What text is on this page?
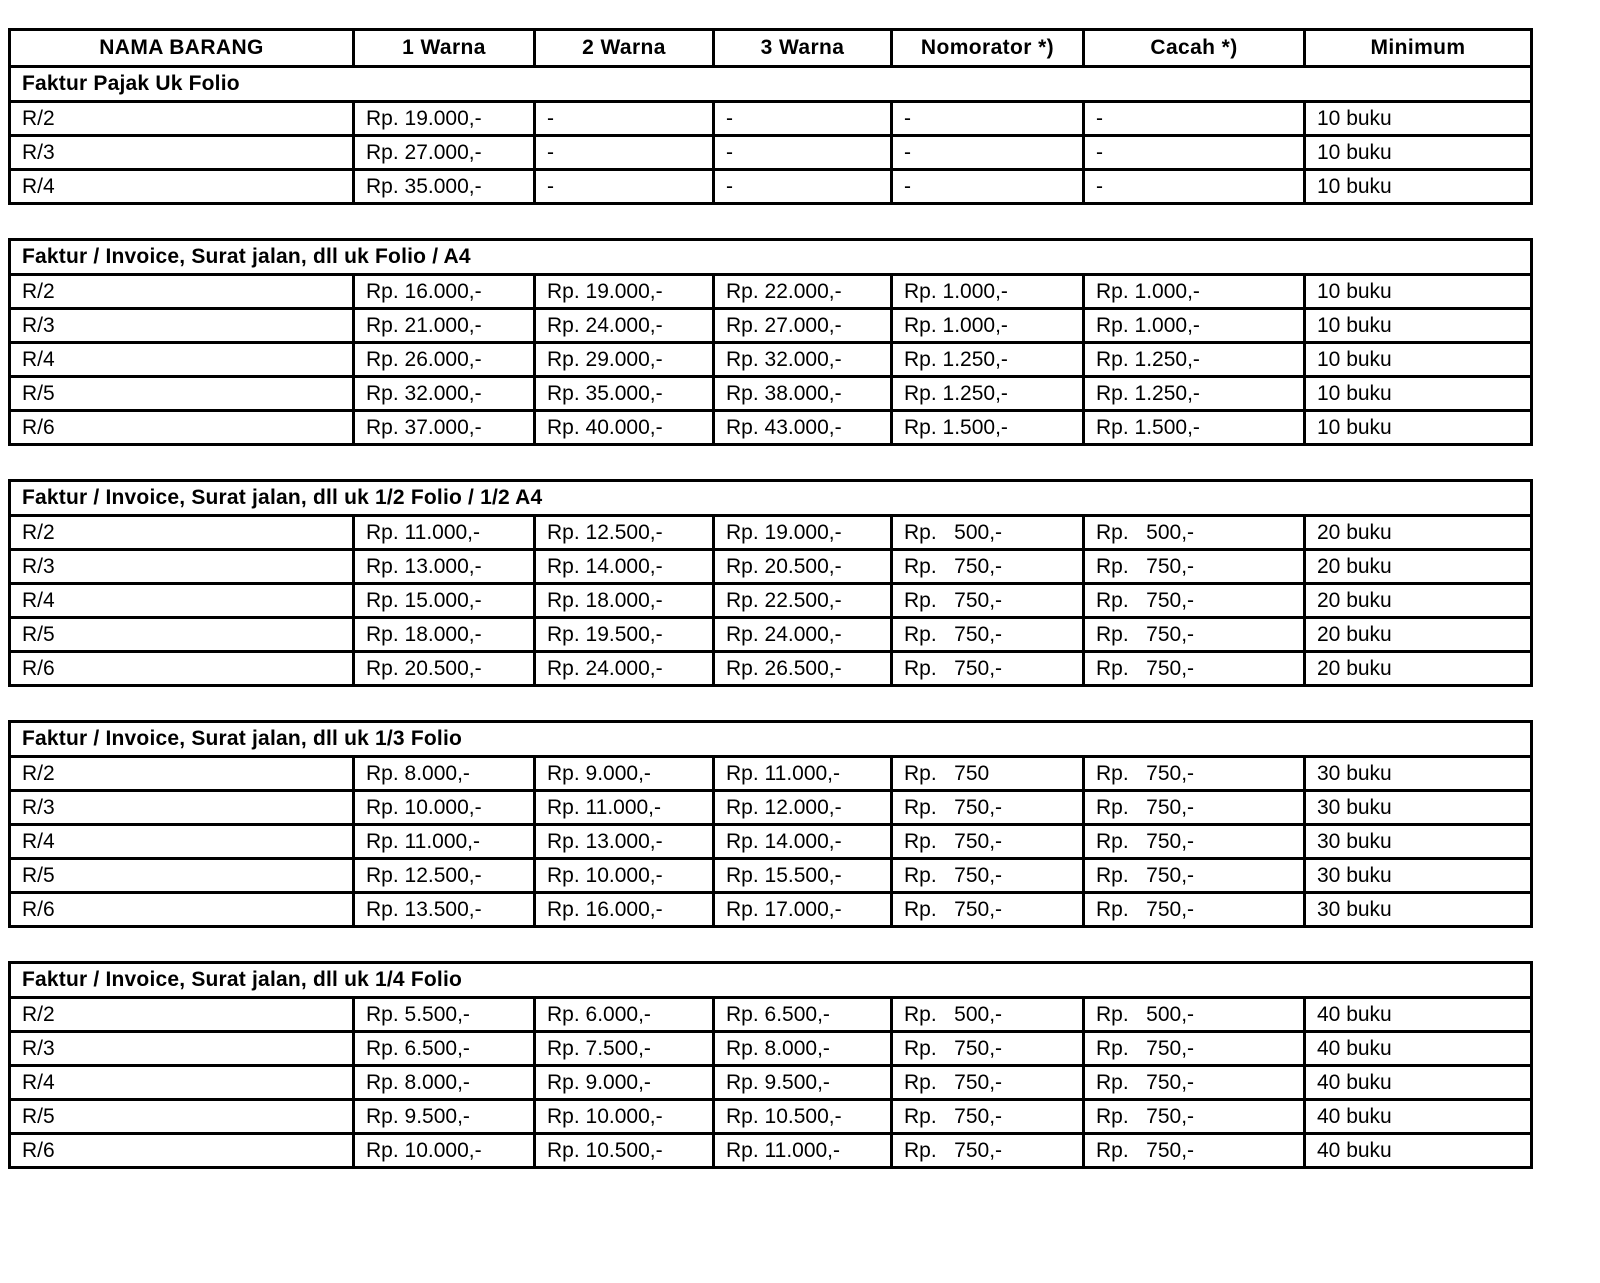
NAMA BARANG	1 Warna	2 Warna	3 Warna	Nomorator *)	Cacah *)	Minimum
Faktur Pajak Uk Folio						
R/2	Rp. 19.000,-	-	-	-	-	10 buku
R/3	Rp. 27.000,-	-	-	-	-	10 buku
R/4	Rp. 35.000,-	-	-	-	-	10 buku
Faktur / Invoice, Surat jalan, dll uk Folio / A4						
R/2	Rp. 16.000,-	Rp. 19.000,-	Rp. 22.000,-	Rp. 1.000,-	Rp. 1.000,-	10 buku
R/3	Rp. 21.000,-	Rp. 24.000,-	Rp. 27.000,-	Rp. 1.000,-	Rp. 1.000,-	10 buku
R/4	Rp. 26.000,-	Rp. 29.000,-	Rp. 32.000,-	Rp. 1.250,-	Rp. 1.250,-	10 buku
R/5	Rp. 32.000,-	Rp. 35.000,-	Rp. 38.000,-	Rp. 1.250,-	Rp. 1.250,-	10 buku
R/6	Rp. 37.000,-	Rp. 40.000,-	Rp. 43.000,-	Rp. 1.500,-	Rp. 1.500,-	10 buku
Faktur / Invoice, Surat jalan, dll uk 1/2 Folio / 1/2 A4						
R/2	Rp. 11.000,-	Rp. 12.500,-	Rp. 19.000,-	Rp.   500,-	Rp.   500,-	20 buku
R/3	Rp. 13.000,-	Rp. 14.000,-	Rp. 20.500,-	Rp.   750,-	Rp.   750,-	20 buku
R/4	Rp. 15.000,-	Rp. 18.000,-	Rp. 22.500,-	Rp.   750,-	Rp.   750,-	20 buku
R/5	Rp. 18.000,-	Rp. 19.500,-	Rp. 24.000,-	Rp.   750,-	Rp.   750,-	20 buku
R/6	Rp. 20.500,-	Rp. 24.000,-	Rp. 26.500,-	Rp.   750,-	Rp.   750,-	20 buku
Faktur / Invoice, Surat jalan, dll uk 1/3 Folio						
R/2	Rp. 8.000,-	Rp. 9.000,-	Rp. 11.000,-	Rp.   750	Rp.   750,-	30 buku
R/3	Rp. 10.000,-	Rp. 11.000,-	Rp. 12.000,-	Rp.   750,-	Rp.   750,-	30 buku
R/4	Rp. 11.000,-	Rp. 13.000,-	Rp. 14.000,-	Rp.   750,-	Rp.   750,-	30 buku
R/5	Rp. 12.500,-	Rp. 10.000,-	Rp. 15.500,-	Rp.   750,-	Rp.   750,-	30 buku
R/6	Rp. 13.500,-	Rp. 16.000,-	Rp. 17.000,-	Rp.   750,-	Rp.   750,-	30 buku
Faktur / Invoice, Surat jalan, dll uk 1/4 Folio						
R/2	Rp. 5.500,-	Rp. 6.000,-	Rp. 6.500,-	Rp.   500,-	Rp.   500,-	40 buku
R/3	Rp. 6.500,-	Rp. 7.500,-	Rp. 8.000,-	Rp.   750,-	Rp.   750,-	40 buku
R/4	Rp. 8.000,-	Rp. 9.000,-	Rp. 9.500,-	Rp.   750,-	Rp.   750,-	40 buku
R/5	Rp. 9.500,-	Rp. 10.000,-	Rp. 10.500,-	Rp.   750,-	Rp.   750,-	40 buku
R/6	Rp. 10.000,-	Rp. 10.500,-	Rp. 11.000,-	Rp.   750,-	Rp.   750,-	40 buku
